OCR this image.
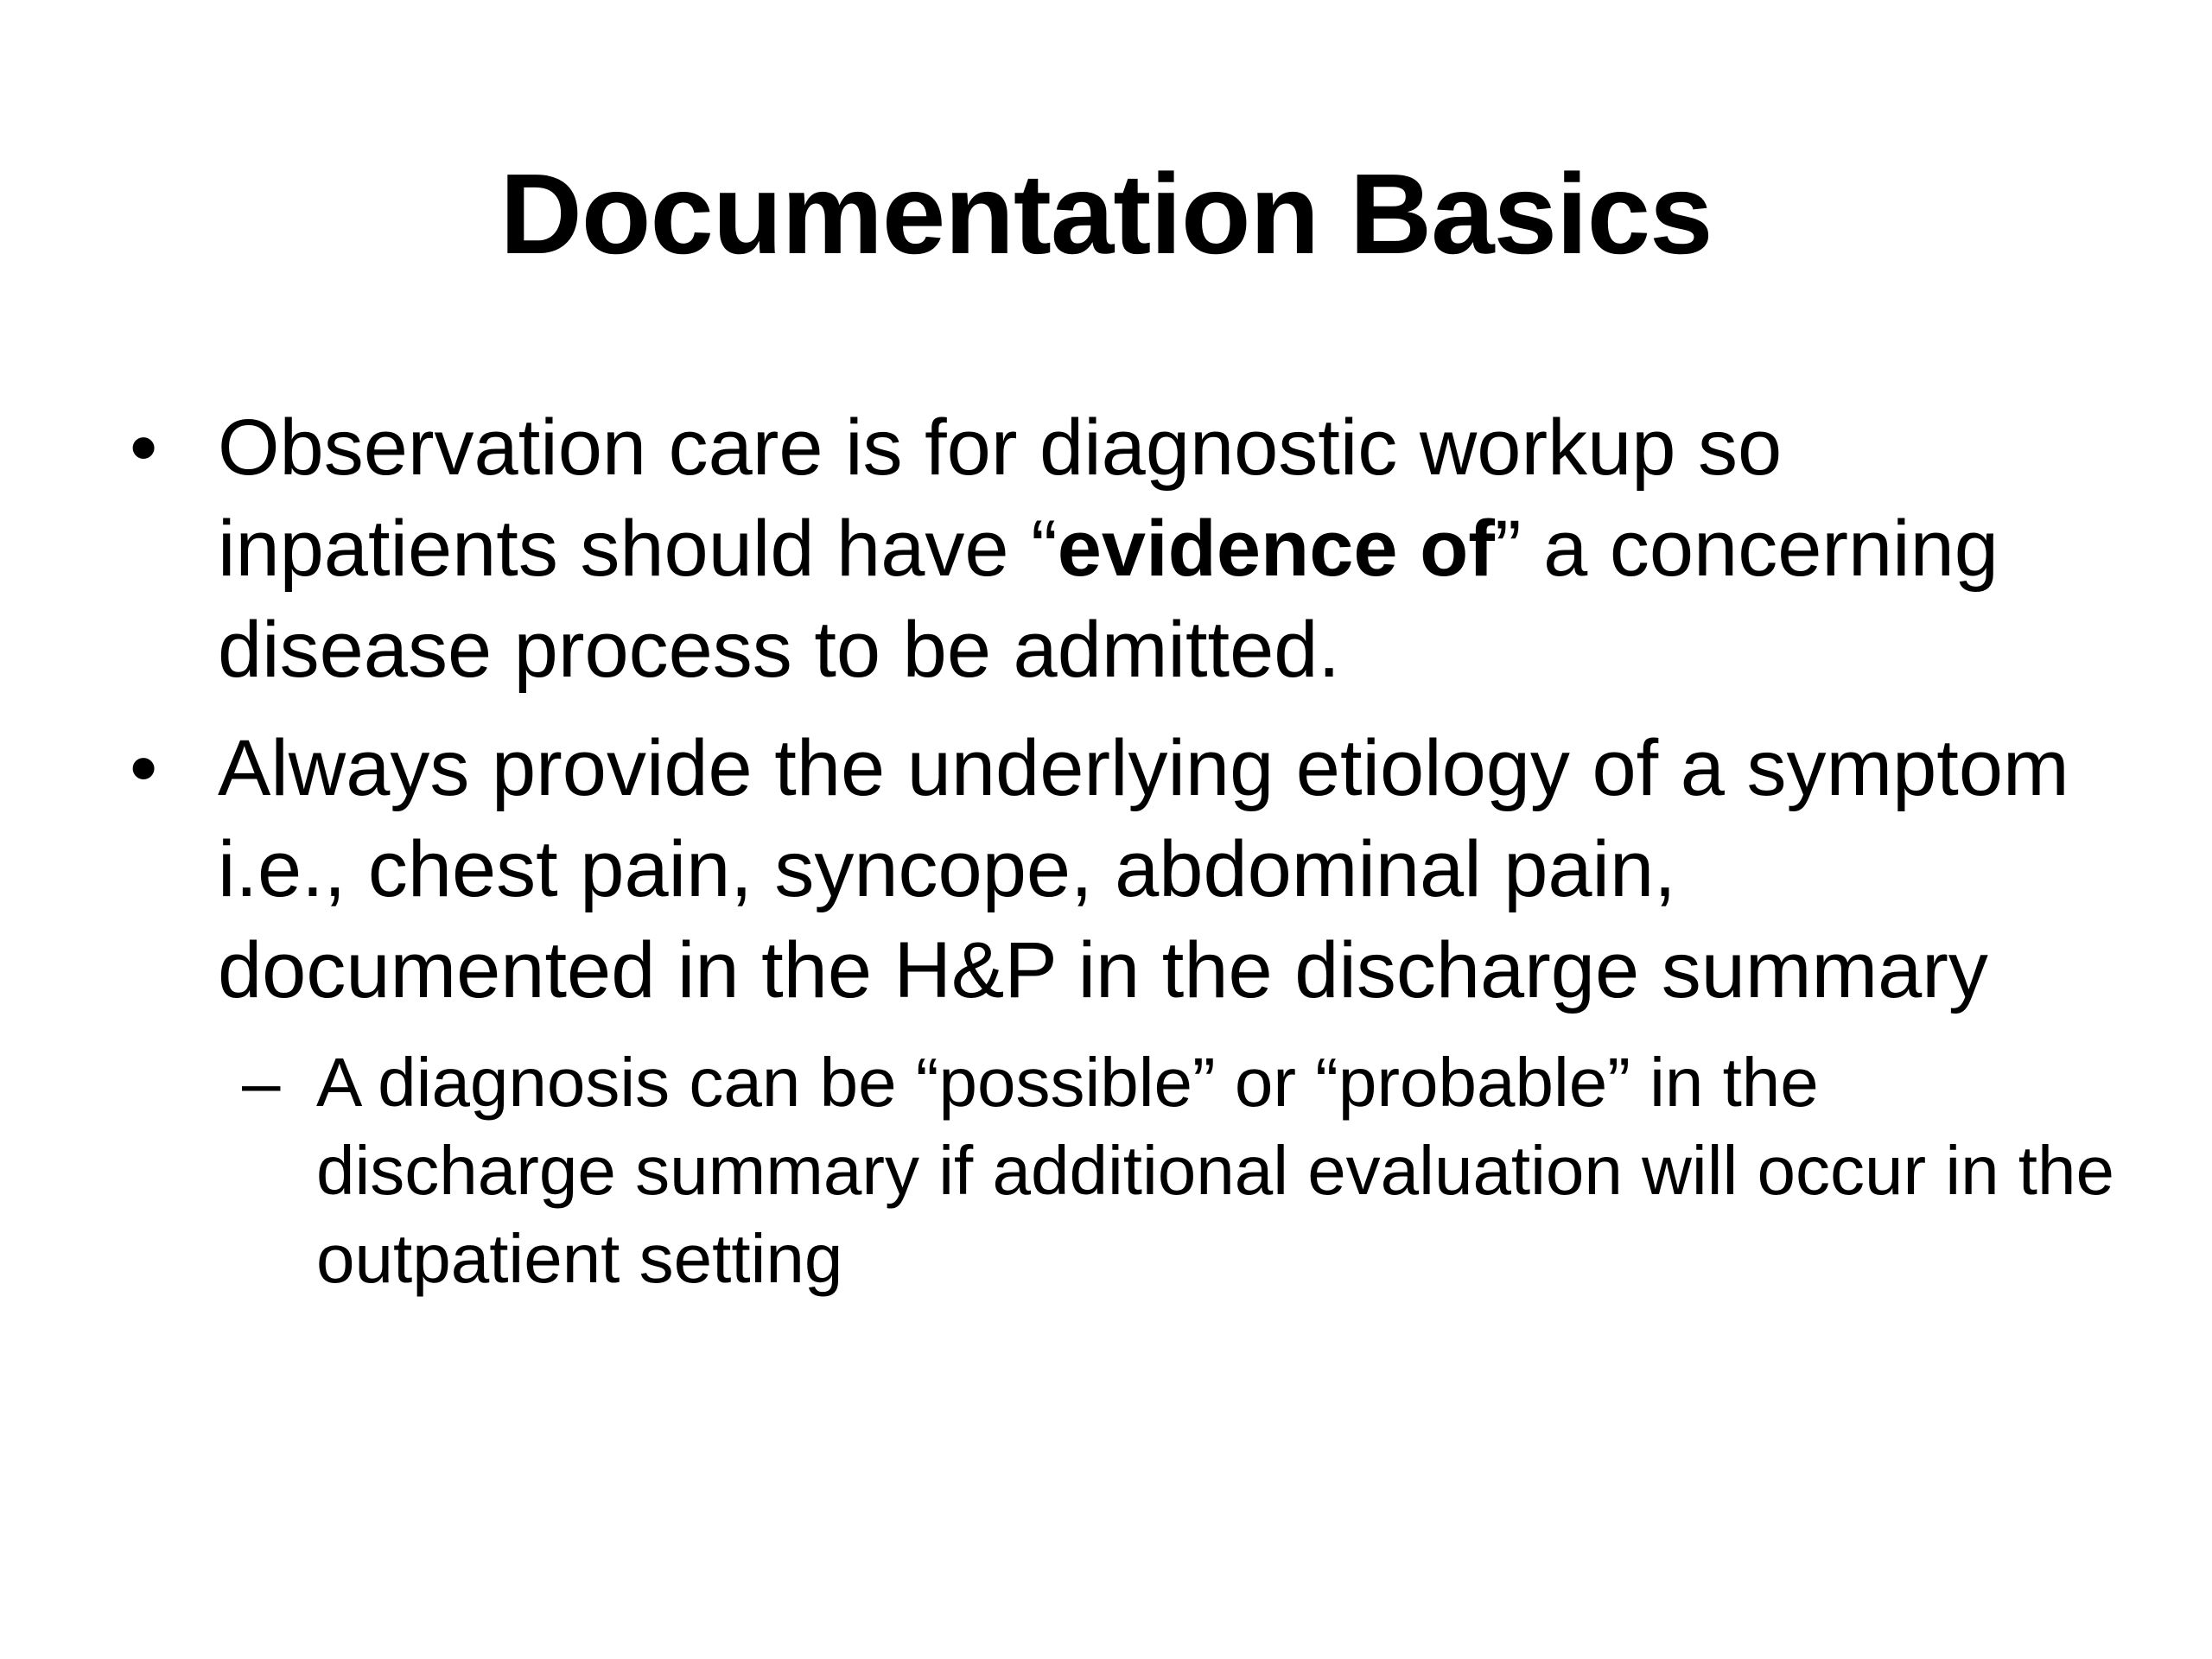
Documentation Basics
• Observation care is for diagnostic workup so inpatients should have “evidence of” a concerning disease process to be admitted.
• Always provide the underlying etiology of a symptom i.e., chest pain, syncope, abdominal pain, documented in the H&P in the discharge summary
– A diagnosis can be “possible” or “probable” in the discharge summary if additional evaluation will occur in the outpatient setting
